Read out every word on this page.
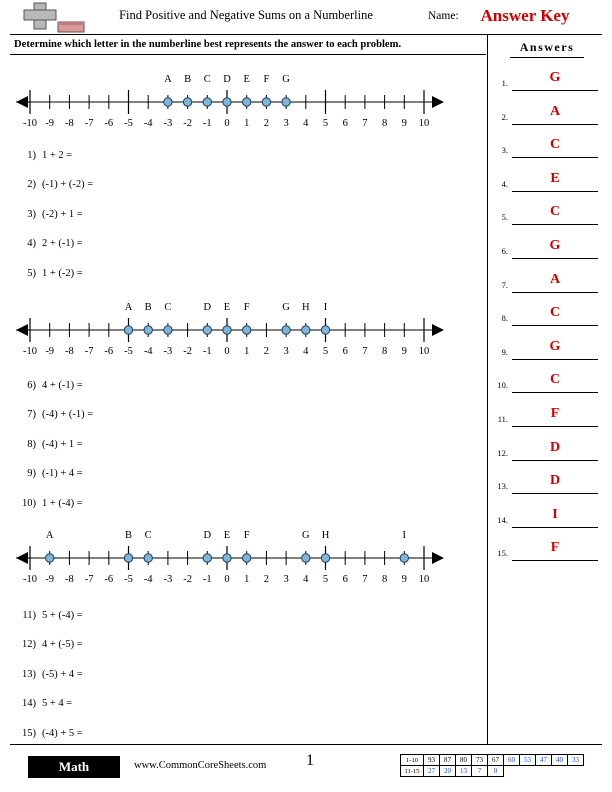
Find Positive and Negative Sums on a Numberline	Name:	Answer Key
Determine which letter in the numberline best represents the answer to each problem.	Answers
1.	G
2.	A
3.	C
4.	E
5.	C
6.	G
7.	A
8.	C
9.	G
10.	C
11.	F
12.	D
13.	D
14.	I
15.	F
-10 -9 -8 -7 -6 -5 -4 -3 -2 -1 0 1 2 3 4 5 6 7 8 9 10
A	B	C	D	E	F	G
-10 -9 -8 -7 -6 -5 -4 -3 -2 -1 0 1 2 3 4 5 6 7 8 9 10
A	B	C	D	E	F	G	H	I
-10 -9 -8 -7 -6 -5 -4 -3 -2 -1 0 1 2 3 4 5 6 7 8 9 10
A	B	C	D	E	F	G	H	I
1) 1 + 2 =
2) (-1) + (-2) =
3) (-2) + 1 =
4) 2 + (-1) =
5) 1 + (-2) =
6) 4 + (-1) =
7) (-4) + (-1) =
8) (-4) + 1 =
9) (-1) + 4 =
10) 1 + (-4) =
11) 5 + (-4) =
12) 4 + (-5) =
13) (-5) + 4 =
14) 5 + 4 =
15) (-4) + 5 =
Math	www.CommonCoreSheets.com	1	1-10	93	87	80	73	67	60	53	47	40	33
11-15	27	20	13	7	0					
